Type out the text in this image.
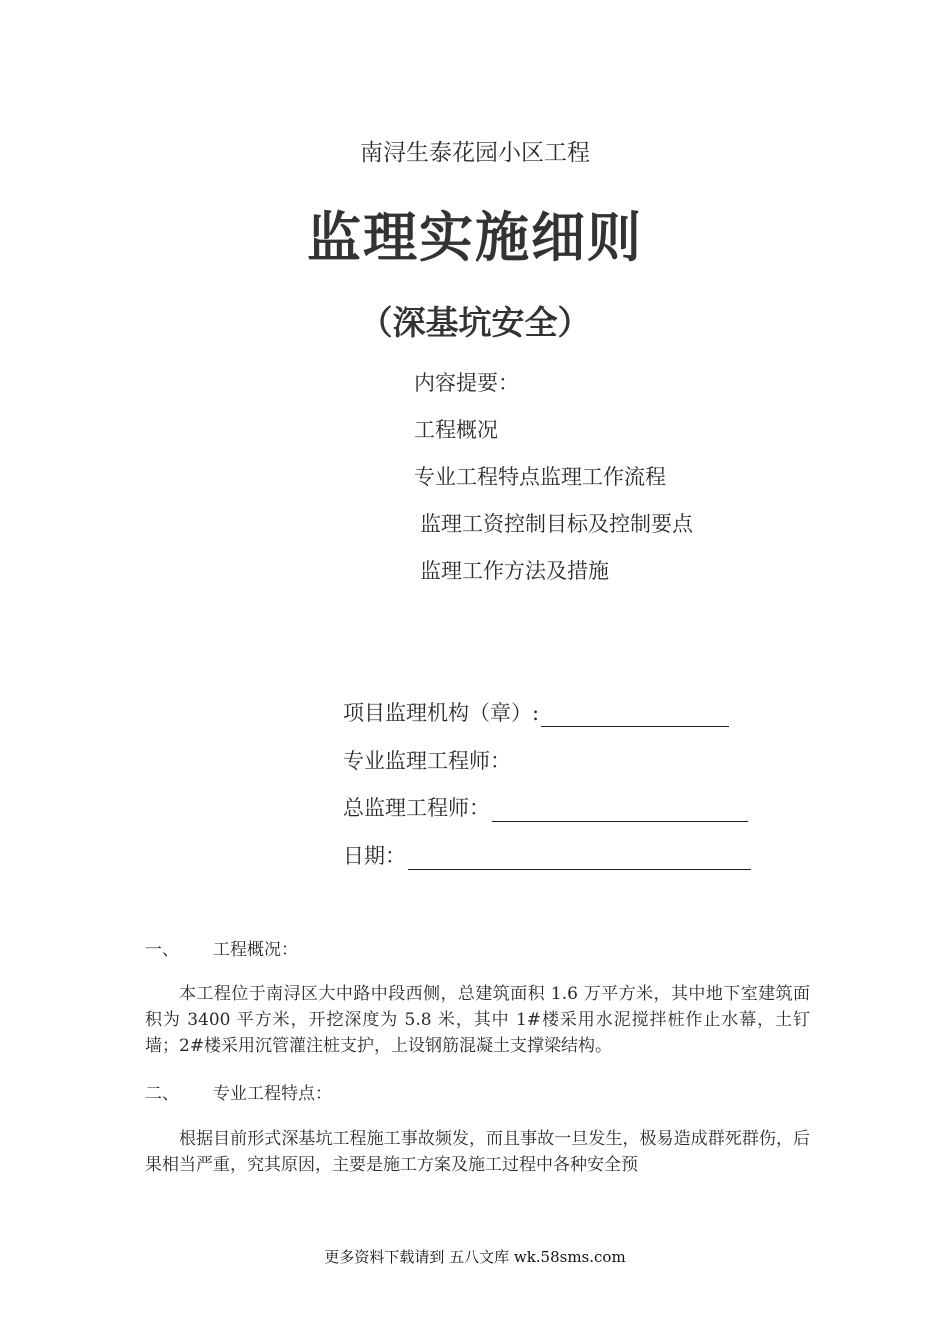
南浔生泰花园小区工程
监理实施细则
（深基坑安全）
内容提要：
工程概况
专业工程特点监理工作流程
监理工资控制目标及控制要点
监理工作方法及措施
项目监理机构（章）:
专业监理工程师：
总监理工程师：
日期：
一、 工程概况：

本工程位于南浔区大中路中段西侧，总建筑面积 1.6 万平方米，其中地下室建筑面积为 3400 平方米，开挖深度为 5.8 米，其中 1#楼采用水泥搅拌桩作止水幕，土钉墙；2#楼采用沉管灌注桩支护，上设钢筋混凝土支撑梁结构。

二、 专业工程特点：

根据目前形式深基坑工程施工事故频发，而且事故一旦发生，极易造成群死群伤，后果相当严重，究其原因，主要是施工方案及施工过程中各种安全预

更多资料下载请到 五八文库 wk.58sms.com
